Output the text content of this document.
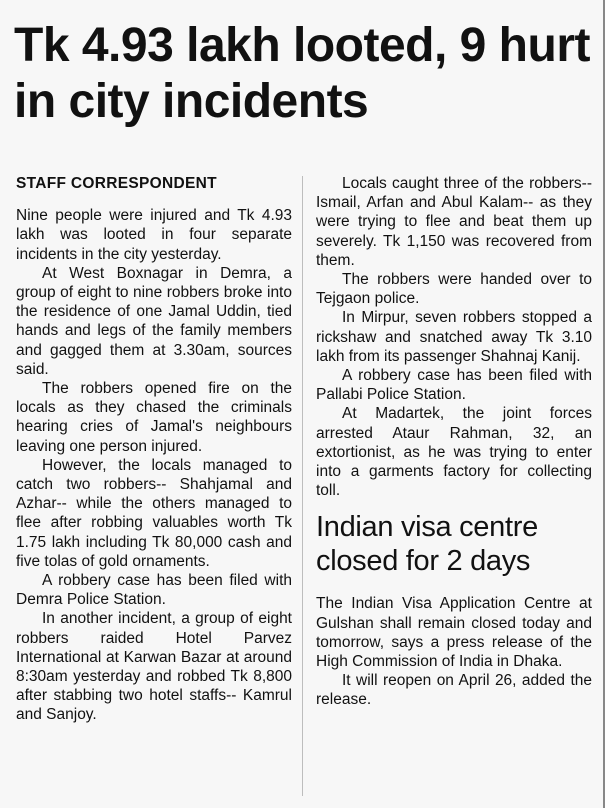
Tk 4.93 lakh looted, 9 hurt in city incidents
STAFF CORRESPONDENT

Nine people were injured and Tk 4.93 lakh was looted in four separate incidents in the city yesterday.

At West Boxnagar in Demra, a group of eight to nine robbers broke into the residence of one Jamal Uddin, tied hands and legs of the family members and gagged them at 3.30am, sources said.

The robbers opened fire on the locals as they chased the criminals hearing cries of Jamal's neighbours leaving one person injured.

However, the locals managed to catch two robbers-- Shahjamal and Azhar-- while the others managed to flee after robbing valuables worth Tk 1.75 lakh including Tk 80,000 cash and five tolas of gold ornaments.

A robbery case has been filed with Demra Police Station.

In another incident, a group of eight robbers raided Hotel Parvez International at Karwan Bazar at around 8:30am yesterday and robbed Tk 8,800 after stabbing two hotel staffs-- Kamrul and Sanjoy.

Locals caught three of the robbers-- Ismail, Arfan and Abul Kalam-- as they were trying to flee and beat them up severely. Tk 1,150 was recovered from them.

The robbers were handed over to Tejgaon police.

In Mirpur, seven robbers stopped a rickshaw and snatched away Tk 3.10 lakh from its passenger Shahnaj Kanij.

A robbery case has been filed with Pallabi Police Station.

At Madartek, the joint forces arrested Ataur Rahman, 32, an extortionist, as he was trying to enter into a garments factory for collecting toll.

Indian visa centre closed for 2 days

The Indian Visa Application Centre at Gulshan shall remain closed today and tomorrow, says a press release of the High Commission of India in Dhaka.

It will reopen on April 26, added the release.
